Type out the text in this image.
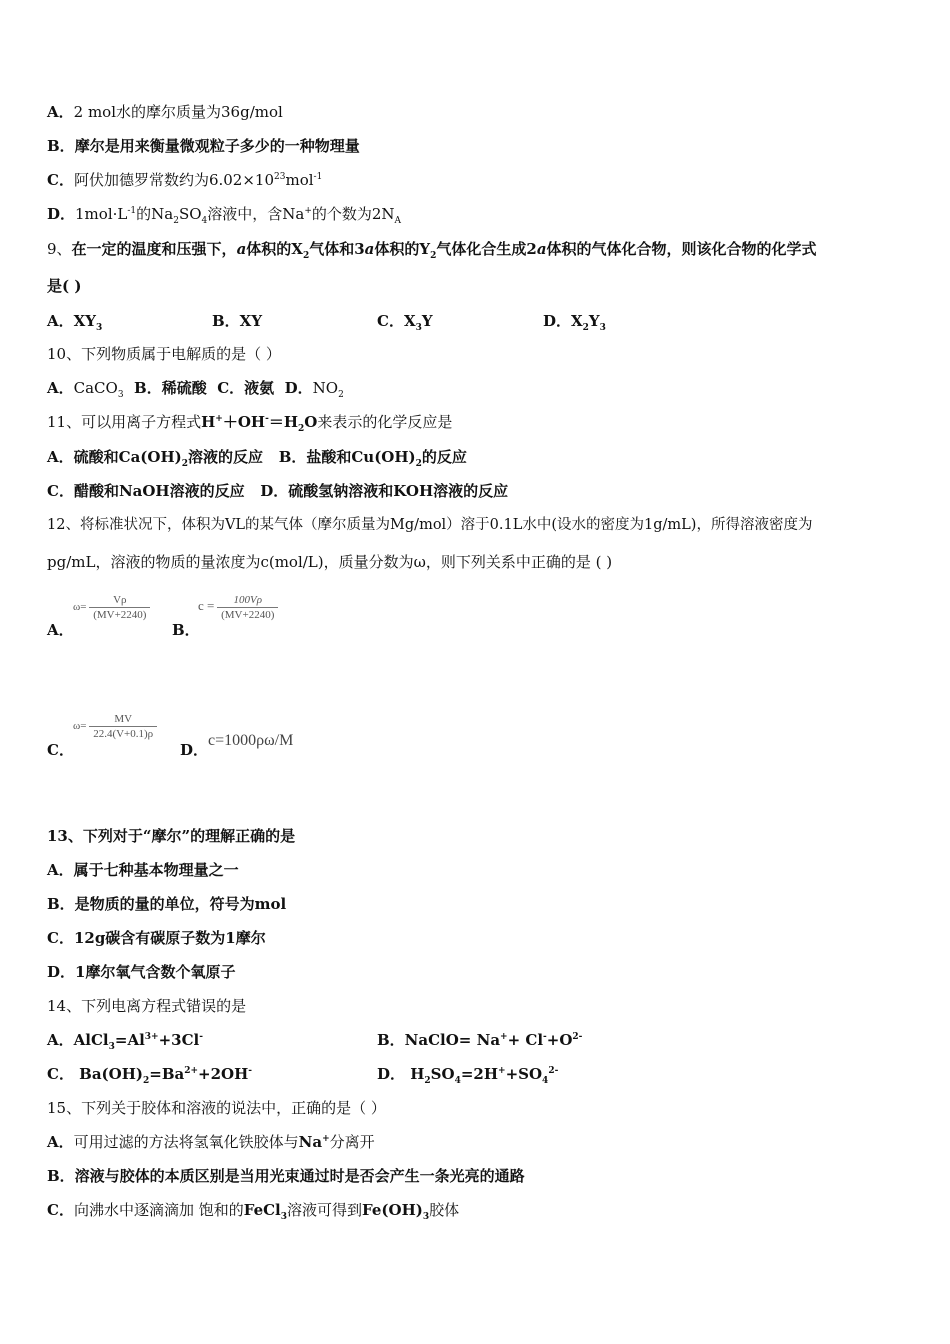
A．2 mol水的摩尔质量为36g/mol
B．摩尔是用来衡量微观粒子多少的一种物理量
C．阿伏加德罗常数约为$6.02\times 10^{23}mol^{-1}$
D．$1mol\cdot L^{-1}$的$Na_2SO_4$溶液中，含Na+的个数为$2N_A$
9、在一定的温度和压强下，a体积的$X_2$气体和3a体积的$Y_2$气体化合生成2a体积的气体化合物，则该化合物的化学式
是( )
A．$XY_3$	B．XY	C．$X_3Y$	D．$X_2Y_3$
10、下列物质属于电解质的是（ ）
A．CaCO$_3$ B．稀硫酸 C．液氨 D．$NO_2$
11、可以用离子方程式$H^++OH^-=H_2O$来表示的化学反应是
A．硫酸和$Ca(OH)_2$溶液的反应 B．盐酸和$Cu(OH)_2$的反应
C．醋酸和NaOH溶液的反应 D．硫酸氢钠溶液和KOH溶液的反应
12、将标准状况下，体积为VL的某气体（摩尔质量为Mg/mol）溶于0.1L水中(设水的密度为1g/mL)，所得溶液密度为
pg/mL，溶液的物质的量浓度为c(mol/L)，质量分数为ω，则下列关系中正确的是 ( )
A．
$\omega= \frac{V\rho}{(MV+2240)}$
B．
$c = \frac{100V\rho}{(MV+2240)}$
C．
$\omega= \frac{MV}{22.4(V+0.1)\rho}$
D．
c=1000ρω/M
13、下列对于“摩尔”的理解正确的是
A．属于七种基本物理量之一
B．是物质的量的单位，符号为mol
C．12g碳含有碳原子数为1摩尔
D．1摩尔氧气含数个氧原子
14、下列电离方程式错误的是
A．$AlCl_3=Al^{3+}+3Cl^-$	B．NaClO= $Na^++ Cl^-+O^{2-}$
C． $Ba(OH)_2=Ba^{2+}+2OH^-$	D． $H_2SO_4=2H^++SO_4^{2-}$
15、下列关于胶体和溶液的说法中，正确的是（ ）
A．可用过滤的方法将氢氧化铁胶体与Na+分离开
B．溶液与胶体的本质区别是当用光束通过时是否会产生一条光亮的通路
C．向沸水中逐滴滴加 饱和的FeCl$_3$溶液可得到$Fe(OH)_3$胶体
